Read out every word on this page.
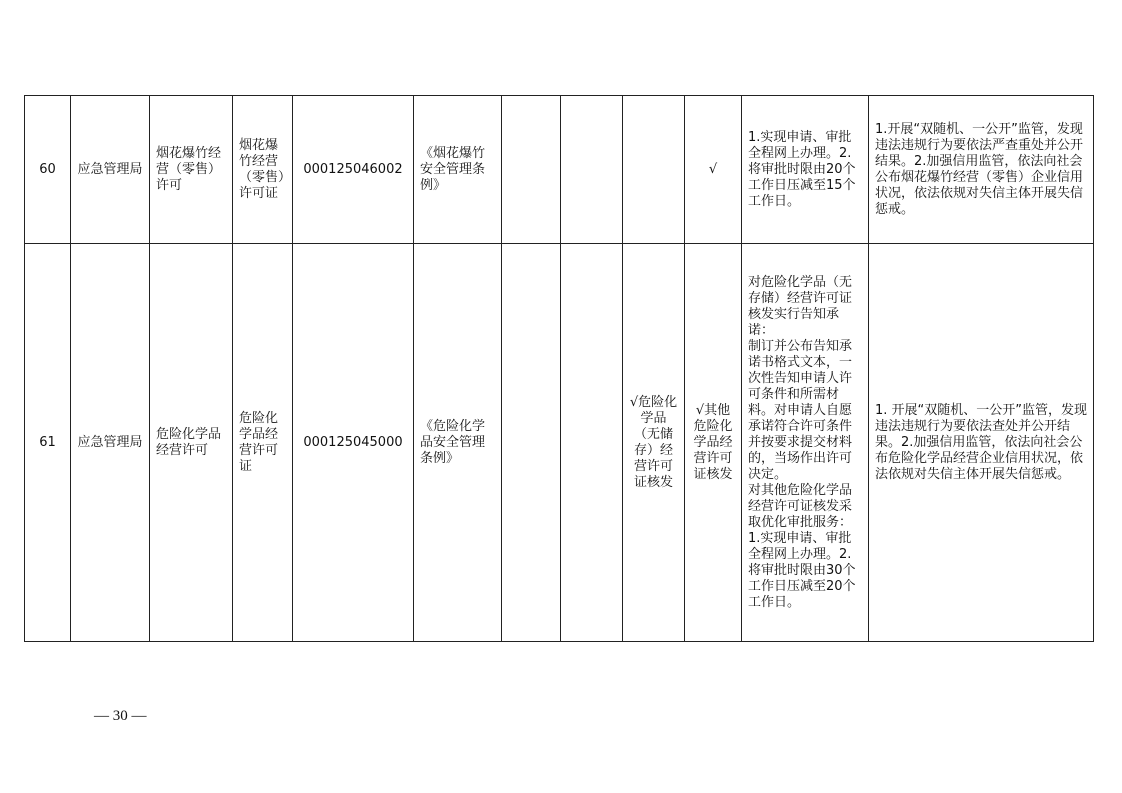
60	应急管理局	烟花爆竹经营（零售）许可	烟花爆竹经营（零售）许可证	000125046002	《烟花爆竹安全管理条例》				√	1.实现申请、审批全程网上办理。2.将审批时限由20个工作日压减至15个工作日。	1.开展“双随机、一公开”监管，发现违法违规行为要依法严查重处并公开结果。2.加强信用监管，依法向社会公布烟花爆竹经营（零售）企业信用状况，依法依规对失信主体开展失信惩戒。
61	应急管理局	危险化学品经营许可	危险化学品经营许可证	000125045000	《危险化学品安全管理条例》			√危险化学品（无储存）经营许可证核发	√其他危险化学品经营许可证核发	对危险化学品（无存储）经营许可证核发实行告知承诺：
制订并公布告知承诺书格式文本，一次性告知申请人许可条件和所需材料。对申请人自愿承诺符合许可条件并按要求提交材料的，当场作出许可决定。
对其他危险化学品经营许可证核发采取优化审批服务：
1.实现申请、审批全程网上办理。2.将审批时限由30个工作日压减至20个工作日。	1. 开展“双随机、一公开”监管，发现违法违规行为要依法查处并公开结果。2.加强信用监管，依法向社会公布危险化学品经营企业信用状况，依法依规对失信主体开展失信惩戒。
— 30 —
